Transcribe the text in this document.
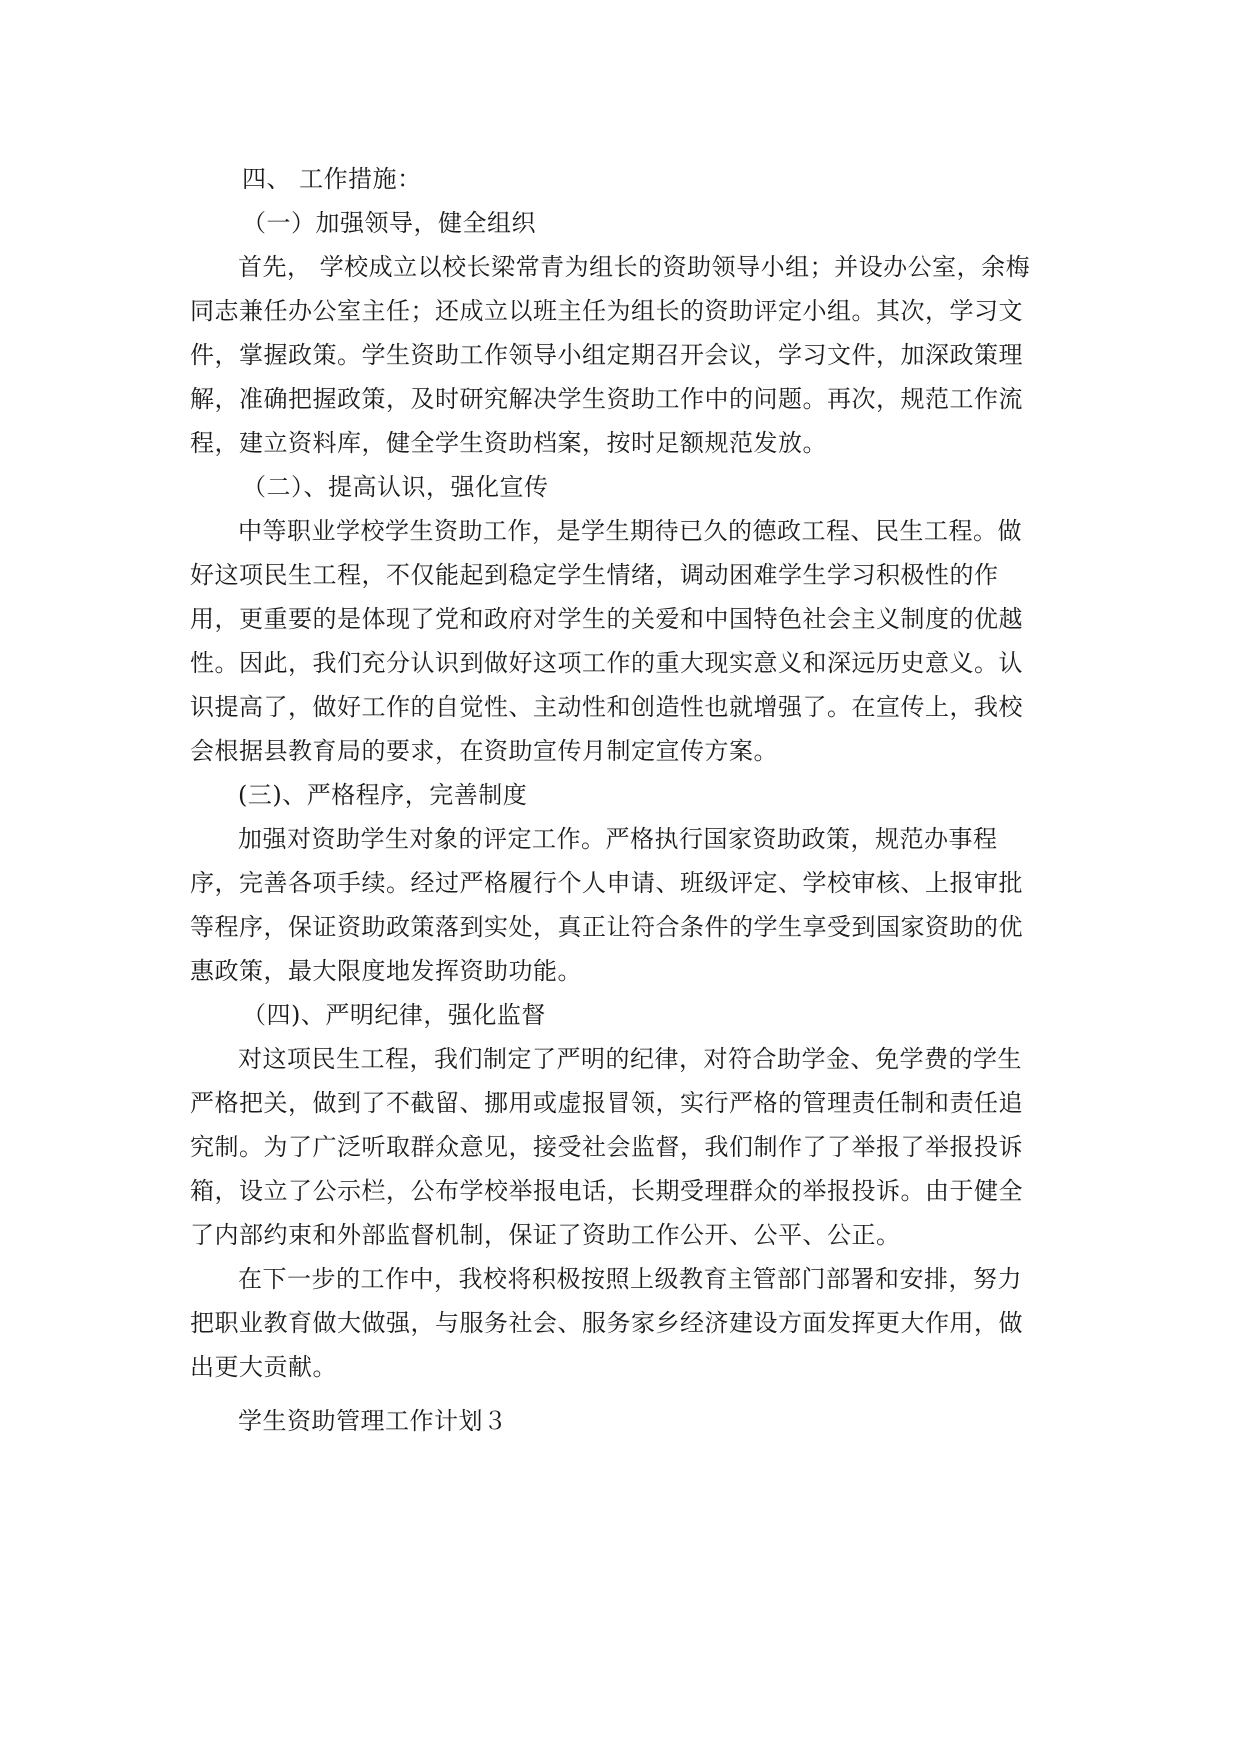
四、 工作措施：
（一）加强领导，健全组织
首先， 学校成立以校长梁常青为组长的资助领导小组；并设办公室，余梅
同志兼任办公室主任；还成立以班主任为组长的资助评定小组。其次，学习文
件，掌握政策。学生资助工作领导小组定期召开会议，学习文件，加深政策理
解，准确把握政策，及时研究解决学生资助工作中的问题。再次，规范工作流
程，建立资料库，健全学生资助档案，按时足额规范发放。
（二）、提高认识，强化宣传
中等职业学校学生资助工作，是学生期待已久的德政工程、民生工程。做
好这项民生工程，不仅能起到稳定学生情绪，调动困难学生学习积极性的作
用，更重要的是体现了党和政府对学生的关爱和中国特色社会主义制度的优越
性。因此，我们充分认识到做好这项工作的重大现实意义和深远历史意义。认
识提高了，做好工作的自觉性、主动性和创造性也就增强了。在宣传上，我校
会根据县教育局的要求，在资助宣传月制定宣传方案。
(三)、严格程序，完善制度
加强对资助学生对象的评定工作。严格执行国家资助政策，规范办事程
序，完善各项手续。经过严格履行个人申请、班级评定、学校审核、上报审批
等程序，保证资助政策落到实处，真正让符合条件的学生享受到国家资助的优
惠政策，最大限度地发挥资助功能。
（四)、严明纪律，强化监督
对这项民生工程，我们制定了严明的纪律，对符合助学金、免学费的学生
严格把关，做到了不截留、挪用或虚报冒领，实行严格的管理责任制和责任追
究制。为了广泛听取群众意见，接受社会监督，我们制作了了举报了举报投诉
箱，设立了公示栏，公布学校举报电话，长期受理群众的举报投诉。由于健全
了内部约束和外部监督机制，保证了资助工作公开、公平、公正。
在下一步的工作中，我校将积极按照上级教育主管部门部署和安排，努力
把职业教育做大做强，与服务社会、服务家乡经济建设方面发挥更大作用，做
出更大贡献。
学生资助管理工作计划３
